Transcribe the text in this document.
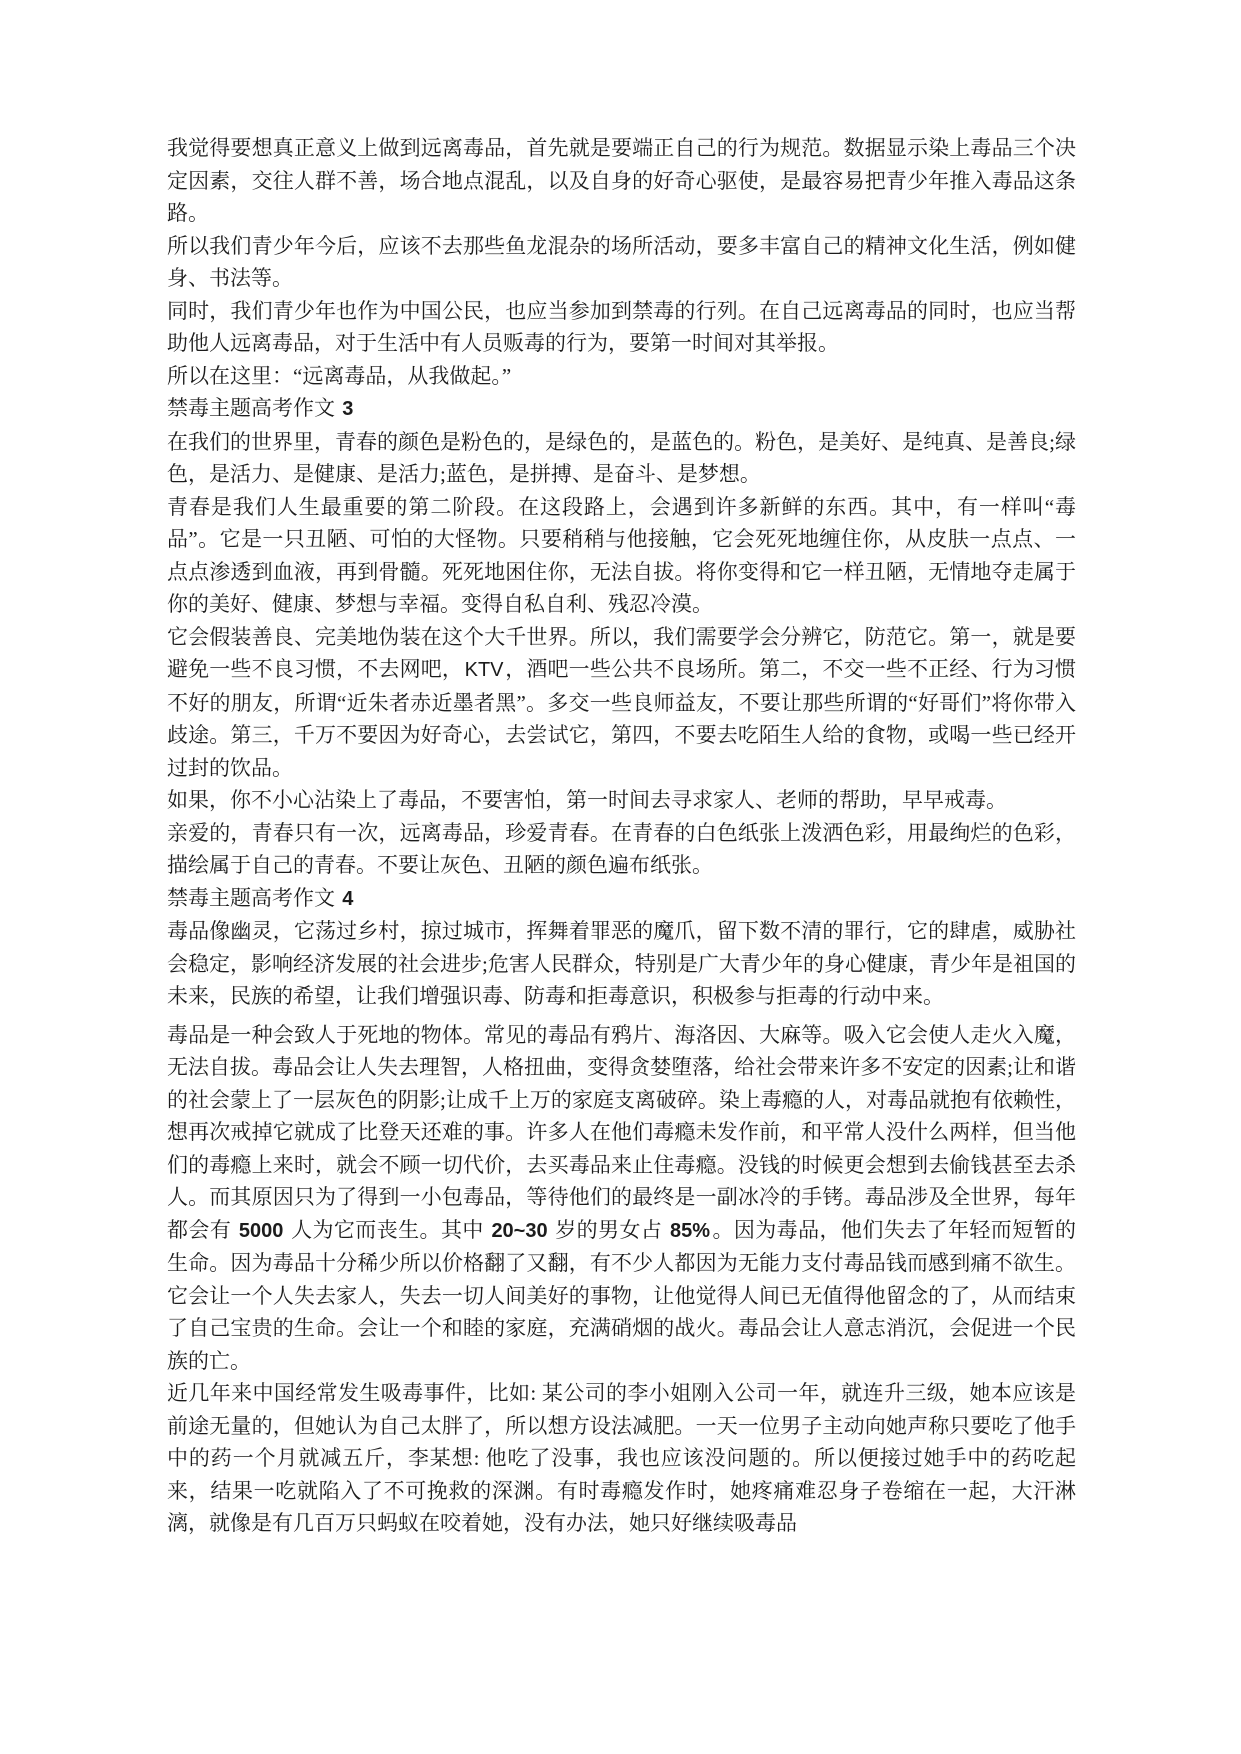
我觉得要想真正意义上做到远离毒品，首先就是要端正自己的行为规范。数据显示染上毒品三个决定因素，交往人群不善，场合地点混乱，以及自身的好奇心驱使，是最容易把青少年推入毒品这条路。

所以我们青少年今后，应该不去那些鱼龙混杂的场所活动，要多丰富自己的精神文化生活，例如健身、书法等。

同时，我们青少年也作为中国公民，也应当参加到禁毒的行列。在自己远离毒品的同时，也应当帮助他人远离毒品，对于生活中有人员贩毒的行为，要第一时间对其举报。

所以在这里：“远离毒品，从我做起。”

禁毒主题高考作文 3

在我们的世界里，青春的颜色是粉色的，是绿色的，是蓝色的。粉色，是美好、是纯真、是善良;绿色，是活力、是健康、是活力;蓝色，是拼搏、是奋斗、是梦想。

青春是我们人生最重要的第二阶段。在这段路上，会遇到许多新鲜的东西。其中，有一样叫“毒品”。它是一只丑陋、可怕的大怪物。只要稍稍与他接触，它会死死地缠住你，从皮肤一点点、一点点渗透到血液，再到骨髓。死死地困住你，无法自拔。将你变得和它一样丑陋，无情地夺走属于你的美好、健康、梦想与幸福。变得自私自利、残忍冷漠。

它会假装善良、完美地伪装在这个大千世界。所以，我们需要学会分辨它，防范它。第一，就是要避免一些不良习惯，不去网吧，KTV，酒吧一些公共不良场所。第二，不交一些不正经、行为习惯不好的朋友，所谓“近朱者赤近墨者黑”。多交一些良师益友，不要让那些所谓的“好哥们”将你带入歧途。第三，千万不要因为好奇心，去尝试它，第四，不要去吃陌生人给的食物，或喝一些已经开过封的饮品。

如果，你不小心沾染上了毒品，不要害怕，第一时间去寻求家人、老师的帮助，早早戒毒。

亲爱的，青春只有一次，远离毒品，珍爱青春。在青春的白色纸张上泼洒色彩，用最绚烂的色彩，描绘属于自己的青春。不要让灰色、丑陋的颜色遍布纸张。

禁毒主题高考作文 4

毒品像幽灵，它荡过乡村，掠过城市，挥舞着罪恶的魔爪，留下数不清的罪行，它的肆虐，威胁社会稳定，影响经济发展的社会进步;危害人民群众，特别是广大青少年的身心健康，青少年是祖国的未来，民族的希望，让我们增强识毒、防毒和拒毒意识，积极参与拒毒的行动中来。

毒品是一种会致人于死地的物体。常见的毒品有鸦片、海洛因、大麻等。吸入它会使人走火入魔，无法自拔。毒品会让人失去理智，人格扭曲，变得贪婪堕落，给社会带来许多不安定的因素;让和谐的社会蒙上了一层灰色的阴影;让成千上万的家庭支离破碎。染上毒瘾的人，对毒品就抱有依赖性，想再次戒掉它就成了比登天还难的事。许多人在他们毒瘾未发作前，和平常人没什么两样，但当他们的毒瘾上来时，就会不顾一切代价，去买毒品来止住毒瘾。没钱的时候更会想到去偷钱甚至去杀人。而其原因只为了得到一小包毒品，等待他们的最终是一副冰冷的手铐。毒品涉及全世界，每年都会有 5000 人为它而丧生。其中 20~30 岁的男女占 85%。因为毒品，他们失去了年轻而短暂的生命。因为毒品十分稀少所以价格翻了又翻，有不少人都因为无能力支付毒品钱而感到痛不欲生。它会让一个人失去家人，失去一切人间美好的事物，让他觉得人间已无值得他留念的了，从而结束了自己宝贵的生命。会让一个和睦的家庭，充满硝烟的战火。毒品会让人意志消沉，会促进一个民族的亡。

近几年来中国经常发生吸毒事件，比如: 某公司的李小姐刚入公司一年，就连升三级，她本应该是前途无量的，但她认为自己太胖了，所以想方设法减肥。一天一位男子主动向她声称只要吃了他手中的药一个月就减五斤，李某想: 他吃了没事，我也应该没问题的。所以便接过她手中的药吃起来，结果一吃就陷入了不可挽救的深渊。有时毒瘾发作时，她疼痛难忍身子卷缩在一起，大汗淋漓，就像是有几百万只蚂蚁在咬着她，没有办法，她只好继续吸毒品
